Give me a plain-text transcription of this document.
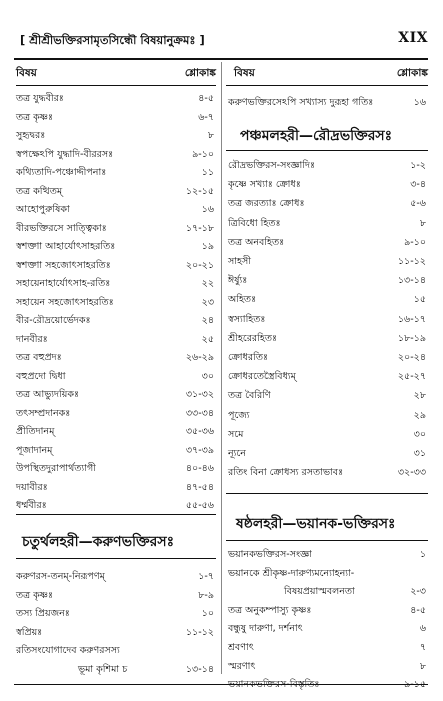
[ শ্রীশ্রীভক্তিরসামৃতসিন্ধৌ বিষয়ানুক্রমঃ ]	XIX
বিষয়	শ্লোকাঙ্ক
তত্র যুদ্ধবীরঃ	৪-৫
তত্র কৃষ্ণঃ	৬-৭
সুহৃদ্বরঃ	৮
স্বপক্ষেঽপি যুদ্ধাদি-বীররসঃ	৯-১০
কথ্যিতাদি-পঞ্চোদ্দীপনাঃ	১১
তত্র কত্থিতম্‌	১২-১৫
আহোপুরুষিকা	১৬
বীরভক্তিরসে সাত্ত্বিকাঃ	১৭-১৮
স্বশক্তাা আহার্যোৎসাহরতিঃ	১৯
স্বশক্তাা সহজোৎসাহরতিঃ	২০-২১
সহায়েনাহার্যোৎসাহ-রতিঃ	২২
সহায়েন সহজোৎসাহরতিঃ	২৩
বীর-রৌদ্রয়োর্ভেদকঃ	২৪
দানবীরঃ	২৫
তত্র বহুপ্রদঃ	২৬-২৯
বহুপ্রদো দ্বিধা	৩০
তত্র আভ্যুদয়িকঃ	৩১-৩২
তৎসম্প্রদানকঃ	৩৩-৩৪
প্রীতিদানম্‌	৩৫-৩৬
পূজাদানম্‌	৩৭-৩৯
উপস্থিতদুরাপার্থত্যাগী	৪০-৪৬
দয়াবীরঃ	৪৭-৫৪
ধর্ম্মবীরঃ	৫৫-৫৬
চতুর্থলহরী—করুণভক্তিরসঃ
করুণরস-তনম্‌-নিরূপণম্‌	১-৭
তত্র কৃষ্ণঃ	৮-৯
তস্য প্রিয়জনঃ	১০
স্বপ্রিয়ঃ	১১-১২
রতিসংযোগাদেব করুণরসস্য
ভূমা কৃশিমা চ	১৩-১৪
বিষয়	শ্লোকাঙ্ক
করুণভক্তিরসেঽপি সখ্যাস্য দুরূহা গতিঃ	১৬
পঞ্চমলহরী—রৌদ্রভক্তিরসঃ
রৌদ্রভক্তিরস-সংজ্ঞাদিঃ	১-২
কৃষ্ণে সখ্যাঃ ক্রোধঃ	৩-৪
তত্র জরত্যাঃ ক্রোধঃ	৫-৬
ত্রিবিধো হিতঃ	৮
তত্র অনবহিতঃ	৯-১০
সাহসী	১১-১২
ঈর্ষ্যুঃ	১৩-১৪
অহিতঃ	১৫
স্বস্যাহিতঃ	১৬-১৭
শ্রীহরেরহিতঃ	১৮-১৯
ক্রোধরতিঃ	২০-২৪
ক্রোধরতেস্ত্রৈবিধ্যম্‌	২৫-২৭
তত্র বৈরিণি	২৮
পূজ্যে	২৯
সমে	৩০
ন্যূনে	৩১
রতিং বিনা ক্রোধস্য রসতাভাবঃ	৩২-৩৩
ষষ্ঠলহরী—ভয়ানক-ভক্তিরসঃ
ভয়ানকভক্তিরস-সংজ্ঞা	১
ভয়ানকে শ্রীকৃষ্ণ-দারুণ্যমন্যোহন্যা-
বিষয়প্রয়াস্মবলনতা	২-৩
তত্র অনুকম্পাস্যু কৃষ্ণঃ	৪-৫
বন্ধুষু দারুণা, দর্শনাৎ	৬
শ্রবণাৎ	৭
স্মরণাৎ	৮
